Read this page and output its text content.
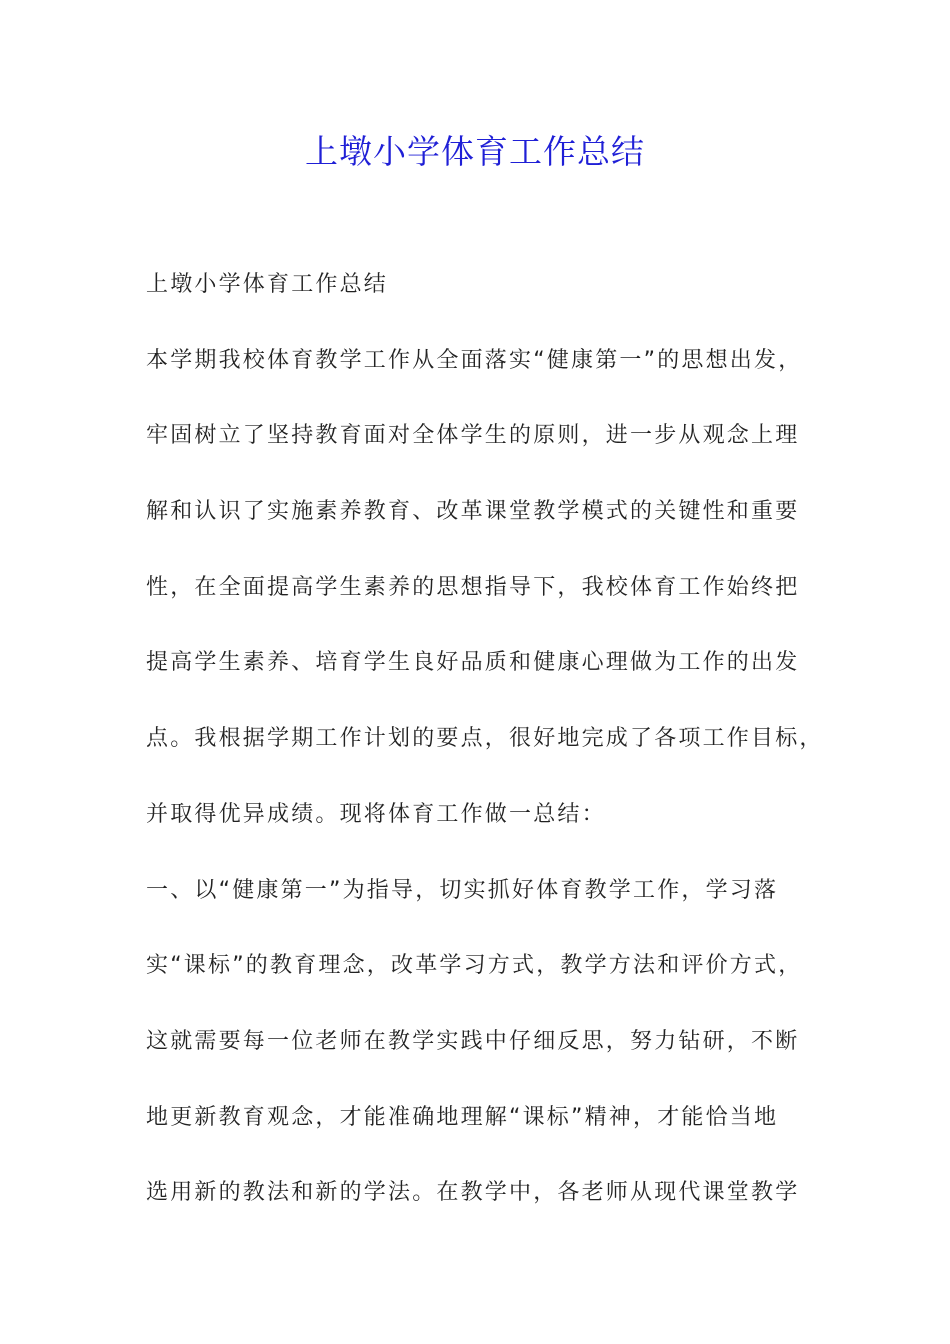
上墩小学体育工作总结
上墩小学体育工作总结
本学期我校体育教学工作从全面落实“健康第一”的思想出发，
牢固树立了坚持教育面对全体学生的原则，进一步从观念上理
解和认识了实施素养教育、改革课堂教学模式的关键性和重要
性，在全面提高学生素养的思想指导下，我校体育工作始终把
提高学生素养、培育学生良好品质和健康心理做为工作的出发
点。我根据学期工作计划的要点，很好地完成了各项工作目标，
并取得优异成绩。现将体育工作做一总结：
一、以“健康第一”为指导，切实抓好体育教学工作，学习落
实“课标”的教育理念，改革学习方式，教学方法和评价方式，
这就需要每一位老师在教学实践中仔细反思，努力钻研，不断
地更新教育观念，才能准确地理解“课标”精神，才能恰当地
选用新的教法和新的学法。在教学中，各老师从现代课堂教学
